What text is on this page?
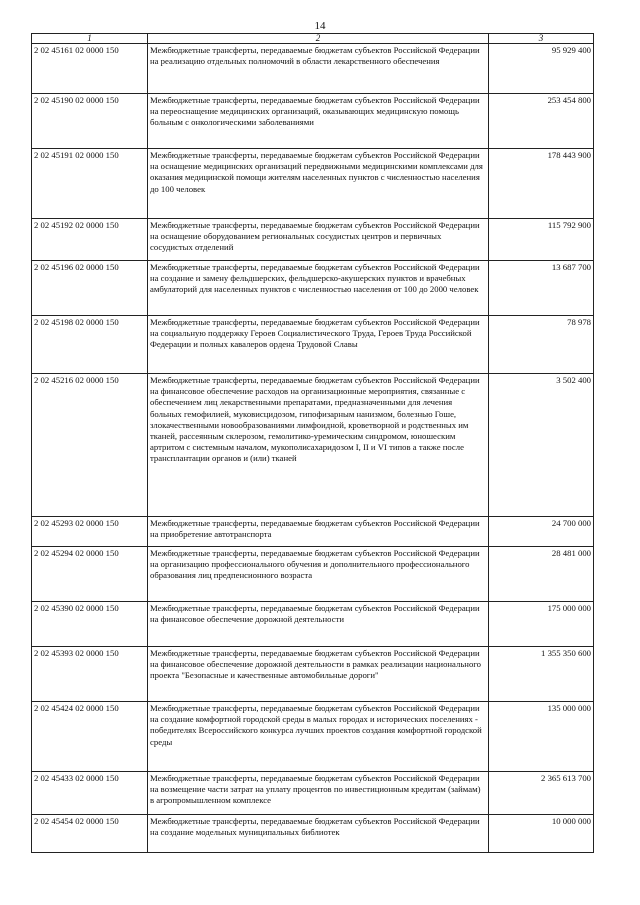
14
1	2	3
2 02 45161 02 0000 150	Межбюджетные трансферты, передаваемые бюджетам субъектов Российской Федерации на реализацию отдельных полномочий в области лекарственного обеспечения	95 929 400
2 02 45190 02 0000 150	Межбюджетные трансферты, передаваемые бюджетам субъектов Российской Федерации на переоснащение медицинских организаций, оказывающих медицинскую помощь больным с онкологическими заболеваниями	253 454 800
2 02 45191 02 0000 150	Межбюджетные трансферты, передаваемые бюджетам субъектов Российской Федерации на оснащение медицинских организаций передвижными медицинскими комплексами для оказания медицинской помощи жителям населенных пунктов с численностью населения до 100 человек	178 443 900
2 02 45192 02 0000 150	Межбюджетные трансферты, передаваемые бюджетам субъектов Российской Федерации на оснащение оборудованием региональных сосудистых центров и первичных сосудистых отделений	115 792 900
2 02 45196 02 0000 150	Межбюджетные трансферты, передаваемые бюджетам субъектов Российской Федерации на создание и замену фельдшерских, фельдшерско-акушерских пунктов и врачебных амбулаторий для населенных пунктов с численностью населения от 100 до 2000 человек	13 687 700
2 02 45198 02 0000 150	Межбюджетные трансферты, передаваемые бюджетам субъектов Российской Федерации на социальную поддержку Героев Социалистического Труда, Героев Труда Российской Федерации и полных кавалеров ордена Трудовой Славы	78 978
2 02 45216 02 0000 150	Межбюджетные трансферты, передаваемые бюджетам субъектов Российской Федерации на финансовое обеспечение расходов на организационные мероприятия, связанные с обеспечением лиц лекарственными препаратами, предназначенными для лечения больных гемофилией, муковисцидозом, гипофизарным нанизмом, болезнью Гоше, злокачественными новообразованиями лимфоидной, кроветворной и родственных им тканей, рассеянным склерозом, гемолитико-уремическим синдромом, юношеским артритом с системным началом, мукополисахаридозом I, II и VI типов а также после трансплантации органов и (или) тканей	3 502 400
2 02 45293 02 0000 150	Межбюджетные трансферты, передаваемые бюджетам субъектов Российской Федерации на приобретение автотранспорта	24 700 000
2 02 45294 02 0000 150	Межбюджетные трансферты, передаваемые бюджетам субъектов Российской Федерации на организацию профессионального обучения и дополнительного профессионального образования лиц предпенсионного возраста	28 481 000
2 02 45390 02 0000 150	Межбюджетные трансферты, передаваемые бюджетам субъектов Российской Федерации на финансовое обеспечение дорожной деятельности	175 000 000
2 02 45393 02 0000 150	Межбюджетные трансферты, передаваемые бюджетам субъектов Российской Федерации на финансовое обеспечение дорожной деятельности в рамках реализации национального проекта "Безопасные и качественные автомобильные дороги"	1 355 350 600
2 02 45424 02 0000 150	Межбюджетные трансферты, передаваемые бюджетам субъектов Российской Федерации на создание комфортной городской среды в малых городах и исторических поселениях - победителях Всероссийского конкурса лучших проектов создания комфортной городской среды	135 000 000
2 02 45433 02 0000 150	Межбюджетные трансферты, передаваемые бюджетам субъектов Российской Федерации на возмещение части затрат на уплату процентов по инвестиционным кредитам (займам) в агропромышленном комплексе	2 365 613 700
2 02 45454 02 0000 150	Межбюджетные трансферты, передаваемые бюджетам субъектов Российской Федерации на создание модельных муниципальных библиотек	10 000 000
